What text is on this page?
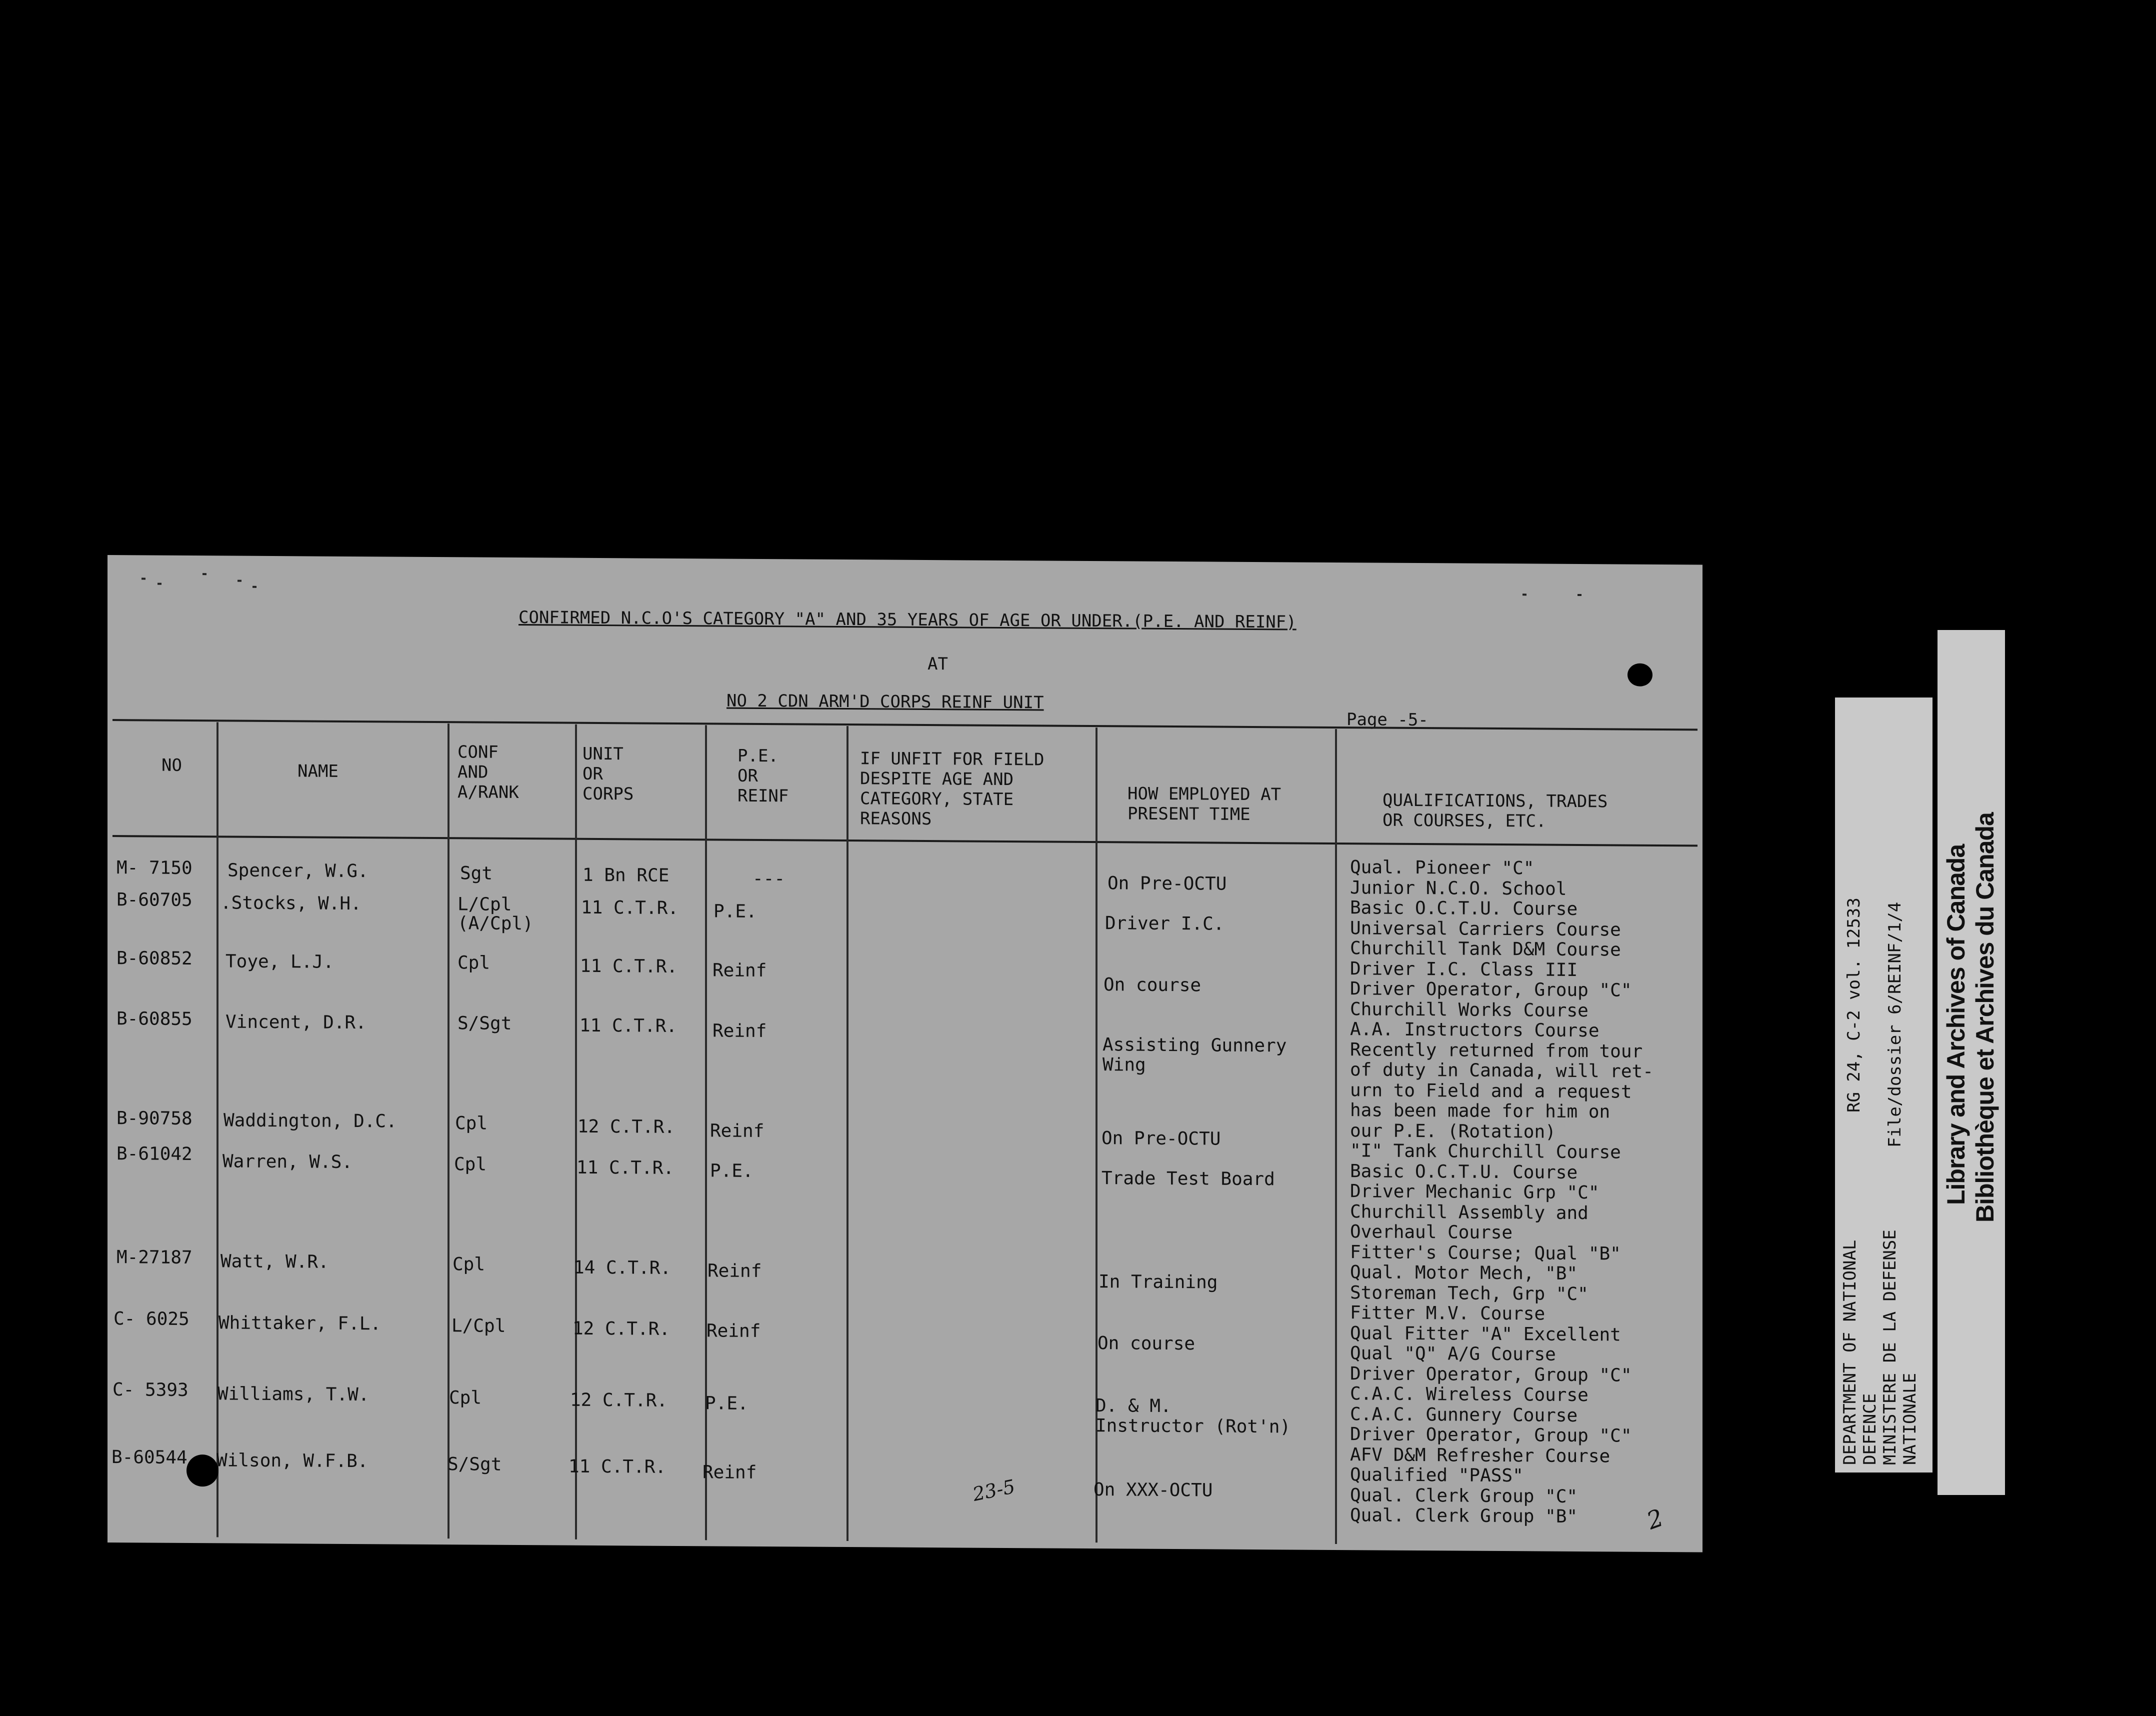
CONFIRMED N.C.O'S CATEGORY "A" AND 35 YEARS OF AGE OR UNDER.(P.E. AND REINF)
AT
NO 2 CDN ARM'D CORPS REINF UNIT
Page -5-
NO	NAME
CONF
AND
A/RANK
UNIT
OR
CORPS
P.E.
OR
REINF
IF UNFIT FOR FIELD
DESPITE AGE AND
CATEGORY, STATE
REASONS
HOW EMPLOYED AT
PRESENT TIME
QUALIFICATIONS, TRADES
OR COURSES, ETC.
M- 7150
B-60705
B-60852
B-60855
B-90758
B-61042
M-27187
C- 6025
C- 5393
B-60544
Spencer, W.G.
.Stocks, W.H.
Toye, L.J.
Vincent, D.R.
Waddington, D.C.
Warren, W.S.
Watt, W.R.
Whittaker, F.L.
Williams, T.W.
Wilson, W.F.B.
Sgt
L/Cpl
(A/Cpl)
Cpl
S/Sgt
Cpl
Cpl
Cpl
L/Cpl
Cpl
S/Sgt
1 Bn RCE
11 C.T.R.
11 C.T.R.
11 C.T.R.
12 C.T.R.
11 C.T.R.
14 C.T.R.
12 C.T.R.
12 C.T.R.
11 C.T.R.
---
P.E.
Reinf
Reinf
Reinf
P.E.
Reinf
Reinf
P.E.
Reinf
On Pre-OCTU
Driver I.C.
On course
Assisting Gunnery
Wing
On Pre-OCTU
Trade Test Board
In Training
On course
D. & M.
Instructor (Rot'n)
On XXX-OCTU
Qual. Pioneer "C"
Junior N.C.O. School
Basic O.C.T.U. Course
Universal Carriers Course
Churchill Tank D&M Course
Driver I.C. Class III
Driver Operator, Group "C"
Churchill Works Course
A.A. Instructors Course
Recently returned from tour
of duty in Canada, will ret-
urn to Field and a request
has been made for him on
our P.E. (Rotation)
"I" Tank Churchill Course
Basic O.C.T.U. Course
Driver Mechanic Grp "C"
Churchill Assembly and
Overhaul Course
Fitter's Course; Qual "B"
Qual. Motor Mech, "B"
Storeman Tech, Grp "C"
Fitter M.V. Course
Qual Fitter "A" Excellent
Qual "Q" A/G Course
Driver Operator, Group "C"
C.A.C. Wireless Course
C.A.C. Gunnery Course
Driver Operator, Group "C"
AFV D&M Refresher Course
Qualified "PASS"
Qual. Clerk Group "C"
Qual. Clerk Group "B"
23-5
2
RG 24, C-2 vol. 12533 File/dossier 6/REINF/1/4
DEPARTMENT OF NATIONAL DEFENCE MINISTERE DE LA DEFENSE NATIONALE
Library and Archives of Canada Bibliothèque et Archives du Canada
